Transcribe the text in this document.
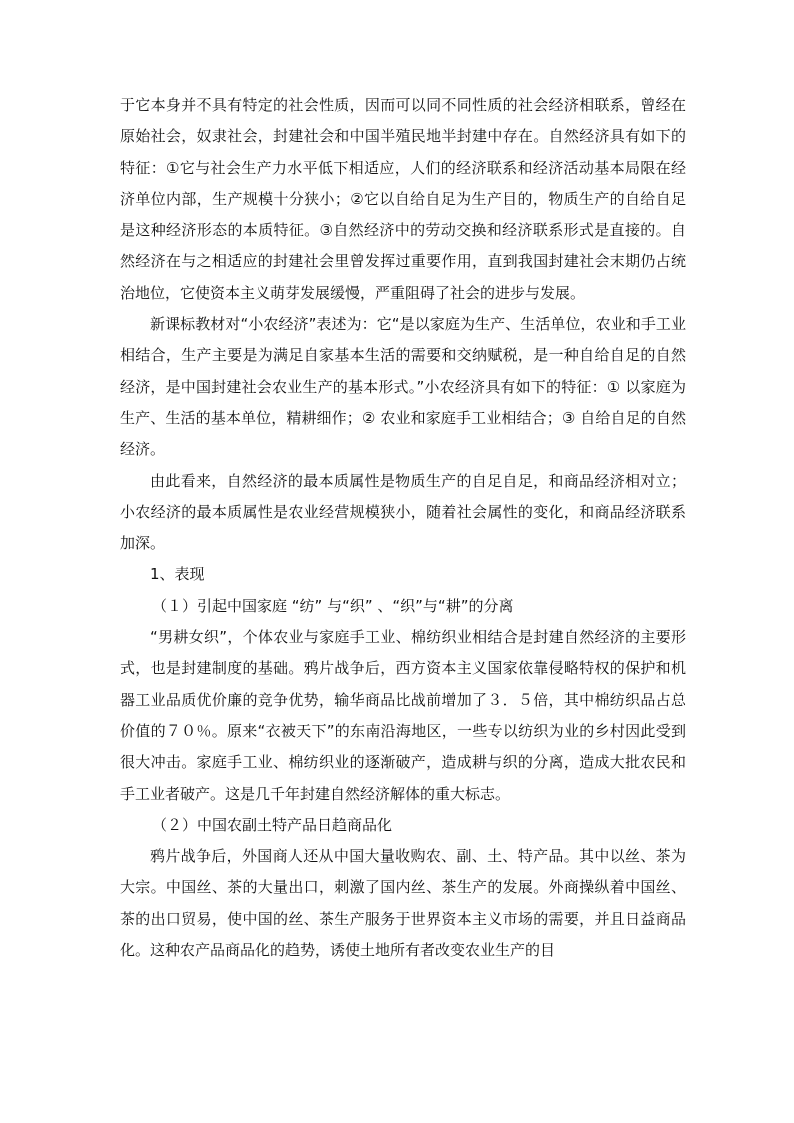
于它本身并不具有特定的社会性质，因而可以同不同性质的社会经济相联系，曾经在原始社会，奴隶社会，封建社会和中国半殖民地半封建中存在。自然经济具有如下的特征：①它与社会生产力水平低下相适应，人们的经济联系和经济活动基本局限在经济单位内部，生产规模十分狭小；②它以自给自足为生产目的，物质生产的自给自足是这种经济形态的本质特征。③自然经济中的劳动交换和经济联系形式是直接的。自然经济在与之相适应的封建社会里曾发挥过重要作用，直到我国封建社会末期仍占统治地位，它使资本主义萌芽发展缓慢，严重阻碍了社会的进步与发展。

新课标教材对“小农经济”表述为：它“是以家庭为生产、生活单位，农业和手工业相结合，生产主要是为满足自家基本生活的需要和交纳赋税，是一种自给自足的自然经济，是中国封建社会农业生产的基本形式。”小农经济具有如下的特征：① 以家庭为生产、生活的基本单位，精耕细作；② 农业和家庭手工业相结合；③ 自给自足的自然经济。

由此看来，自然经济的最本质属性是物质生产的自足自足，和商品经济相对立；小农经济的最本质属性是农业经营规模狭小，随着社会属性的变化，和商品经济联系加深。

1、表现

（１）引起中国家庭 “纺” 与“织” 、“织”与“耕”的分离

“男耕女织”，个体农业与家庭手工业、棉纺织业相结合是封建自然经济的主要形式，也是封建制度的基础。鸦片战争后，西方资本主义国家依靠侵略特权的保护和机器工业品质优价廉的竞争优势，输华商品比战前增加了３．５倍，其中棉纺织品占总价值的７０％。原来“衣被天下”的东南沿海地区，一些专以纺织为业的乡村因此受到很大冲击。家庭手工业、棉纺织业的逐渐破产，造成耕与织的分离，造成大批农民和手工业者破产。这是几千年封建自然经济解体的重大标志。

（２）中国农副土特产品日趋商品化

鸦片战争后，外国商人还从中国大量收购农、副、土、特产品。其中以丝、茶为大宗。中国丝、茶的大量出口，刺激了国内丝、茶生产的发展。外商操纵着中国丝、茶的出口贸易，使中国的丝、茶生产服务于世界资本主义市场的需要，并且日益商品化。这种农产品商品化的趋势，诱使土地所有者改变农业生产的目
